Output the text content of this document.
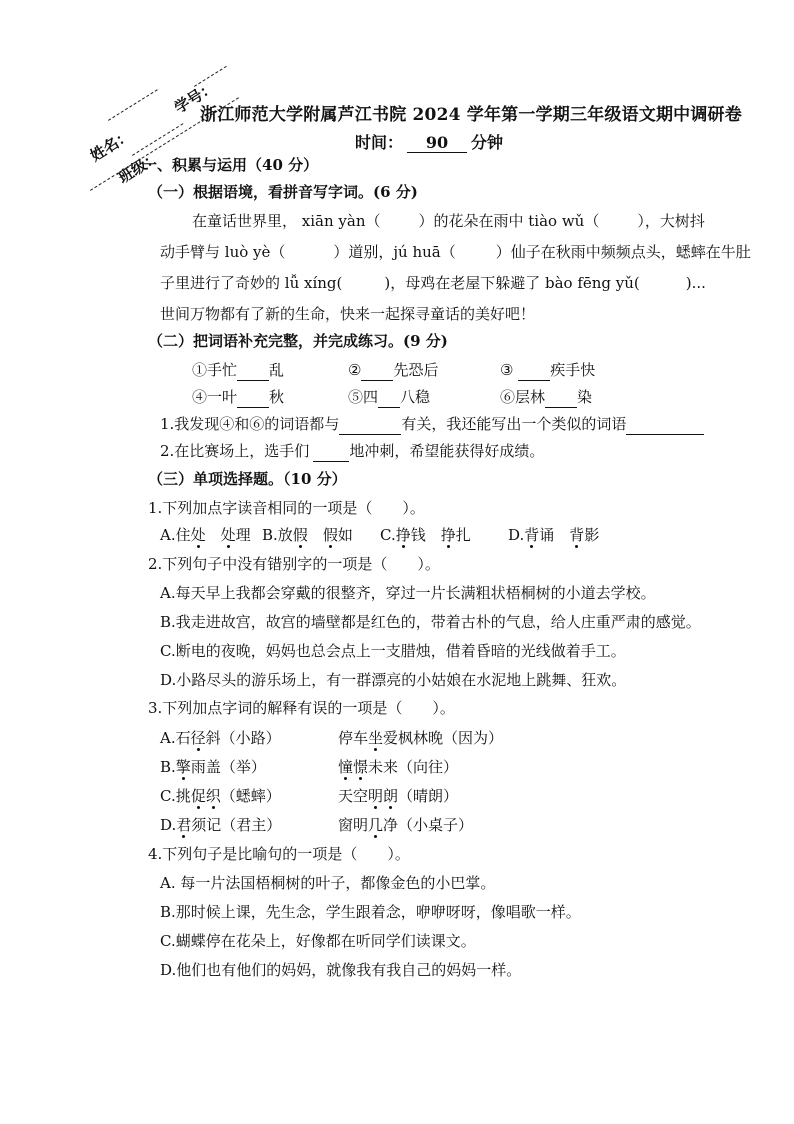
姓名：
班级：
学号：
浙江师范大学附属芦江书院 2024 学年第一学期三年级语文期中调研卷
时间： 90 分钟
一、积累与运用（40 分）
（一）根据语境，看拼音写字词。(6 分)
在童话世界里， xiān yàn（	）的花朵在雨中 tiào wǔ（	），大树抖
动手臂与 luò yè（	）道别，jú huā（	）仙子在秋雨中频频点头，蟋蟀在牛肚
子里进行了奇妙的 lǚ xíng(	)，母鸡在老屋下躲避了 bào fēng yǔ(	)...
世间万物都有了新的生命，快来一起探寻童话的美好吧！
（二）把词语补充完整，并完成练习。(9 分)
①手忙 乱	② 先恐后	③ 疾手快
④一叶 秋	⑤四 八稳	⑥层林 染
1.我发现④和⑥的词语都与	有关，我还能写出一个类似的词语
2.在比赛场上，选手们	地冲刺，希望能获得好成绩。
（三）单项选择题。（10 分）
1.下列加点字读音相同的一项是（　　）。
A.住处　 处理 B.放假　 假如 C.挣钱　挣扎 D.背诵　背影
2.下列句子中没有错别字的一项是（　　）。
A.每天早上我都会穿戴的很整齐，穿过一片长满粗状梧桐树的小道去学校。
B.我走进故宫，故宫的墙壁都是红色的，带着古朴的气息，给人庄重严肃的感觉。
C.断电的夜晚，妈妈也总会点上一支腊烛，借着昏暗的光线做着手工。
D.小路尽头的游乐场上，有一群漂亮的小姑娘在水泥地上跳舞、狂欢。
3.下列加点字词的解释有误的一项是（　　）。
A.石径斜（小路）	停车坐爱枫林晚（因为）
B.擎雨盖（举）	憧憬未来（向往）
C.挑促织（蟋蟀）	天空明朗（晴朗）
D.君须记（君主）	窗明几净（小桌子）
4.下列句子是比喻句的一项是（　　）。
A. 每一片法国梧桐树的叶子，都像金色的小巴掌。
B.那时候上课，先生念，学生跟着念，咿咿呀呀，像唱歌一样。
C.蝴蝶停在花朵上，好像都在听同学们读课文。
D.他们也有他们的妈妈，就像我有我自己的妈妈一样。
